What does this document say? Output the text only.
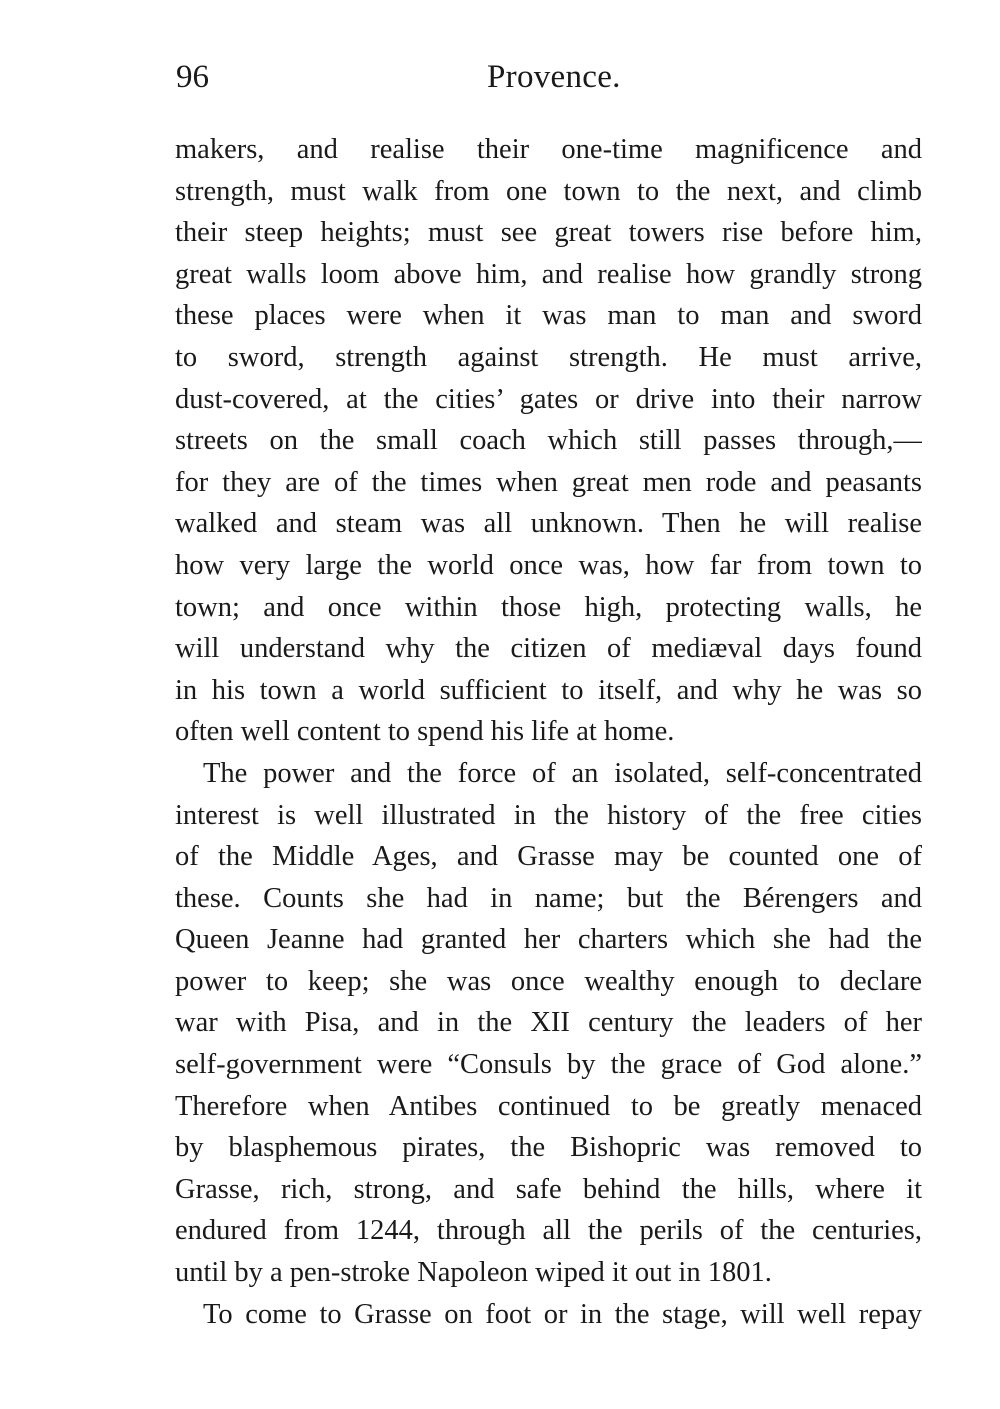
96	Provence.
makers, and realise their one-time magnificence and
strength, must walk from one town to the next, and climb
their steep heights; must see great towers rise before him,
great walls loom above him, and realise how grandly strong
these places were when it was man to man and sword
to sword, strength against strength. He must arrive,
dust-covered, at the cities’ gates or drive into their narrow
streets on the small coach which still passes through,—
for they are of the times when great men rode and peasants
walked and steam was all unknown. Then he will realise
how very large the world once was, how far from town to
town; and once within those high, protecting walls, he
will understand why the citizen of mediæval days found
in his town a world sufficient to itself, and why he was so
often well content to spend his life at home.
The power and the force of an isolated, self-concentrated
interest is well illustrated in the history of the free cities
of the Middle Ages, and Grasse may be counted one of
these. Counts she had in name; but the Bérengers and
Queen Jeanne had granted her charters which she had the
power to keep; she was once wealthy enough to declare
war with Pisa, and in the XII century the leaders of her
self-government were “Consuls by the grace of God alone.”
Therefore when Antibes continued to be greatly menaced
by blasphemous pirates, the Bishopric was removed to
Grasse, rich, strong, and safe behind the hills, where it
endured from 1244, through all the perils of the centuries,
until by a pen-stroke Napoleon wiped it out in 1801.
To come to Grasse on foot or in the stage, will well repay
